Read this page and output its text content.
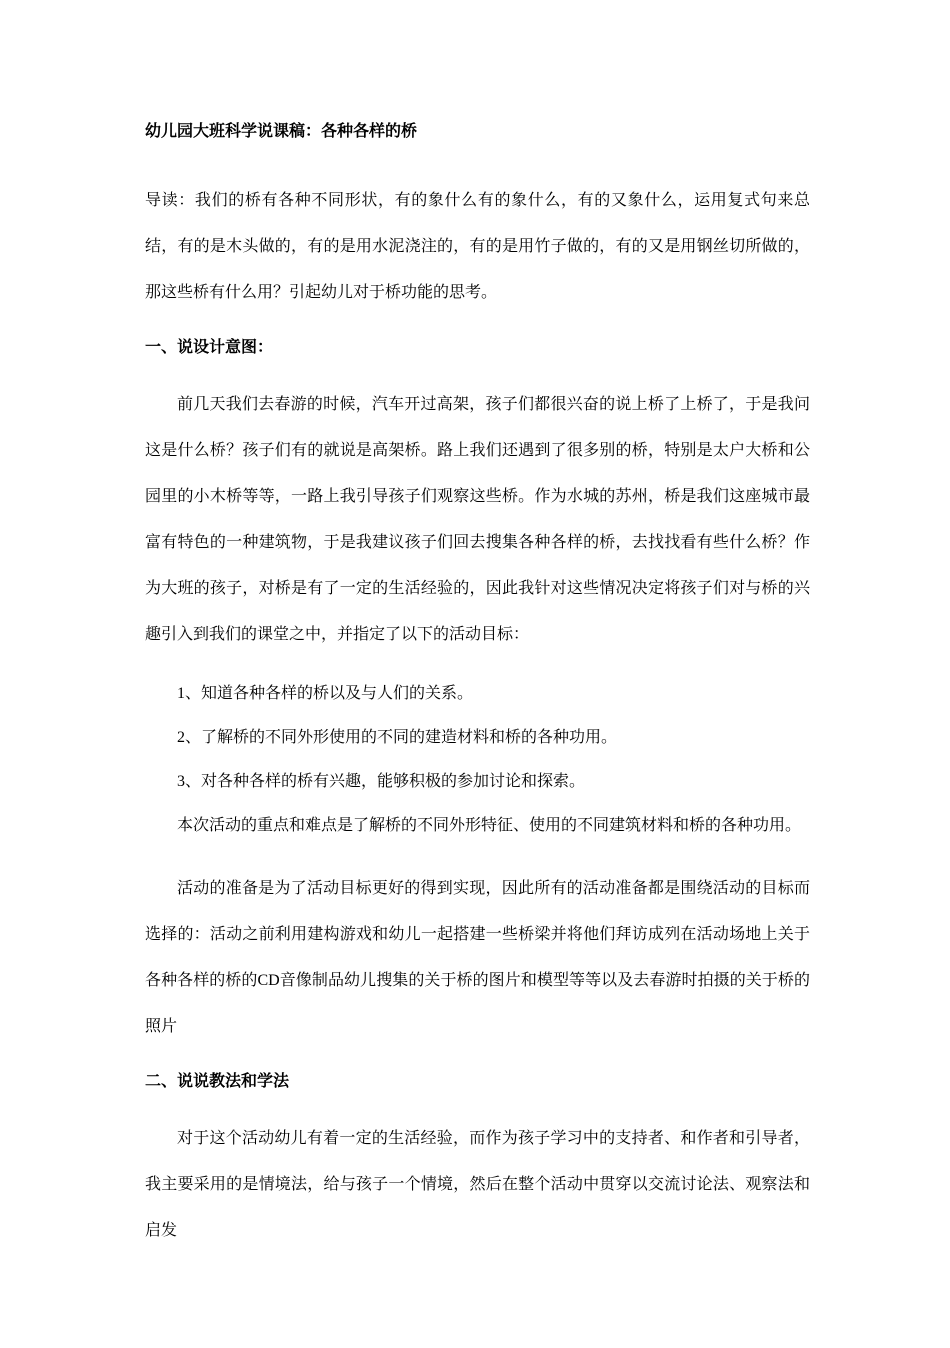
幼儿园大班科学说课稿：各种各样的桥

导读：我们的桥有各种不同形状，有的象什么有的象什么，有的又象什么，运用复式句来总结，有的是木头做的，有的是用水泥浇注的，有的是用竹子做的，有的又是用钢丝切所做的，那这些桥有什么用？引起幼儿对于桥功能的思考。

一、说设计意图：

前几天我们去春游的时候，汽车开过高架，孩子们都很兴奋的说上桥了上桥了，于是我问这是什么桥？孩子们有的就说是高架桥。路上我们还遇到了很多别的桥，特别是太户大桥和公园里的小木桥等等，一路上我引导孩子们观察这些桥。作为水城的苏州，桥是我们这座城市最富有特色的一种建筑物，于是我建议孩子们回去搜集各种各样的桥，去找找看有些什么桥？作为大班的孩子，对桥是有了一定的生活经验的，因此我针对这些情况决定将孩子们对与桥的兴趣引入到我们的课堂之中，并指定了以下的活动目标：

1、知道各种各样的桥以及与人们的关系。

2、了解桥的不同外形使用的不同的建造材料和桥的各种功用。

3、对各种各样的桥有兴趣，能够积极的参加讨论和探索。

本次活动的重点和难点是了解桥的不同外形特征、使用的不同建筑材料和桥的各种功用。

活动的准备是为了活动目标更好的得到实现，因此所有的活动准备都是围绕活动的目标而选择的：活动之前利用建构游戏和幼儿一起搭建一些桥梁并将他们拜访成列在活动场地上关于各种各样的桥的CD音像制品幼儿搜集的关于桥的图片和模型等等以及去春游时拍摄的关于桥的照片

二、说说教法和学法

对于这个活动幼儿有着一定的生活经验，而作为孩子学习中的支持者、和作者和引导者，我主要采用的是情境法，给与孩子一个情境，然后在整个活动中贯穿以交流讨论法、观察法和启发
